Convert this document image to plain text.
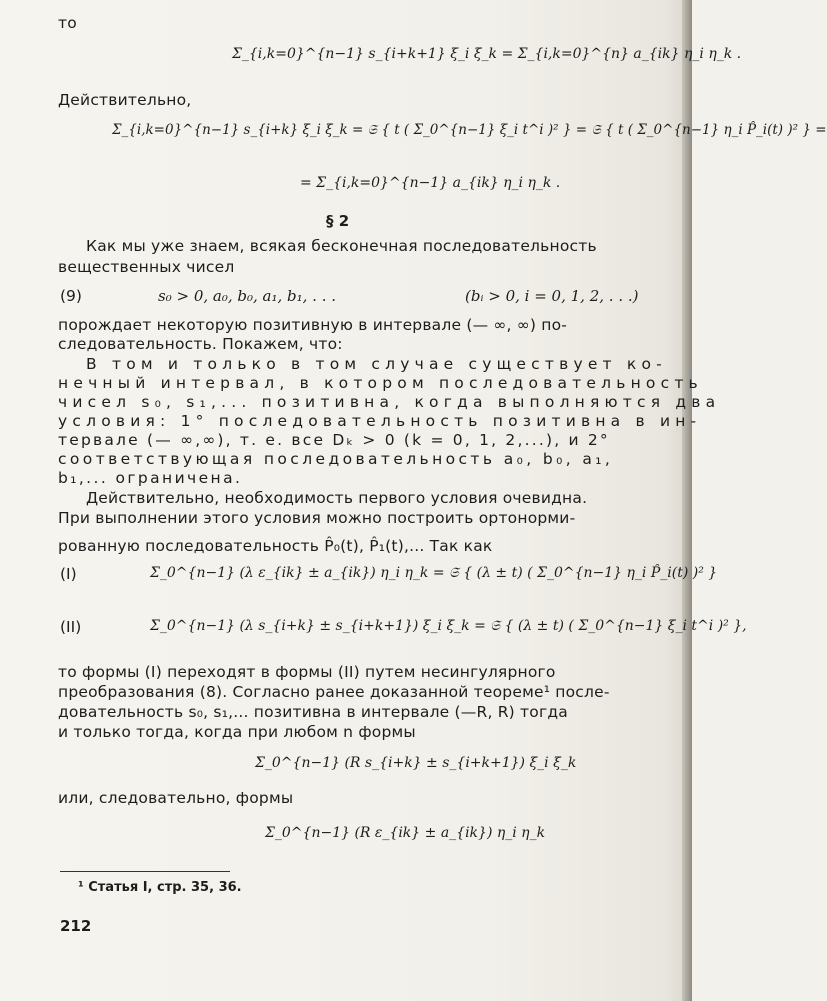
то
Действительно,
Как мы уже знаем, всякая бесконечная последовательность
вещественных чисел
порождает некоторую позитивную в интервале (— ∞, ∞) по-
следовательность. Покажем, что:
В том и только в том случае существует ко-
нечный интервал, в котором последовательность
чисел s₀, s₁,... позитивна, когда выполняются два
условия: 1° последовательность позитивна в ин-
тервале (— ∞,∞), т. е. все Dₖ > 0 (k = 0, 1, 2,...), и 2°
соответствующая последовательность a₀, b₀, a₁,
b₁,... ограничена.
Действительно, необходимость первого условия очевидна.
При выполнении этого условия можно построить ортонорми-
рованную последовательность P̂₀(t), P̂₁(t),... Так как
то формы (I) переходят в формы (II) путем несингулярного
преобразования (8). Согласно ранее доказанной теореме¹ после-
довательность s₀, s₁,... позитивна в интервале (—R, R) тогда
и только тогда, когда при любом n формы
или, следовательно, формы
Σ_{i,k=0}^{n−1} s_{i+k+1} ξ_i ξ_k = Σ_{i,k=0}^{n} a_{ik} η_i η_k .
Σ_{i,k=0}^{n−1} s_{i+k} ξ_i ξ_k = 𝔖 { t ( Σ_0^{n−1} ξ_i t^i )² } = 𝔖 { t ( Σ_0^{n−1} η_i P̂_i(t) )² } =
= Σ_{i,k=0}^{n−1} a_{ik} η_i η_k .
§ 2
(9)	s₀ > 0, a₀, b₀, a₁, b₁, . . .	(bᵢ > 0, i = 0, 1, 2, . . .)
(I)	Σ_0^{n−1} (λ ε_{ik} ± a_{ik}) η_i η_k = 𝔖 { (λ ± t) ( Σ_0^{n−1} η_i P̂_i(t) )² }
(II)	Σ_0^{n−1} (λ s_{i+k} ± s_{i+k+1}) ξ_i ξ_k = 𝔖 { (λ ± t) ( Σ_0^{n−1} ξ_i t^i )² },
Σ_0^{n−1} (R s_{i+k} ± s_{i+k+1}) ξ_i ξ_k
Σ_0^{n−1} (R ε_{ik} ± a_{ik}) η_i η_k
¹ Статья I, стр. 35, 36.
212
